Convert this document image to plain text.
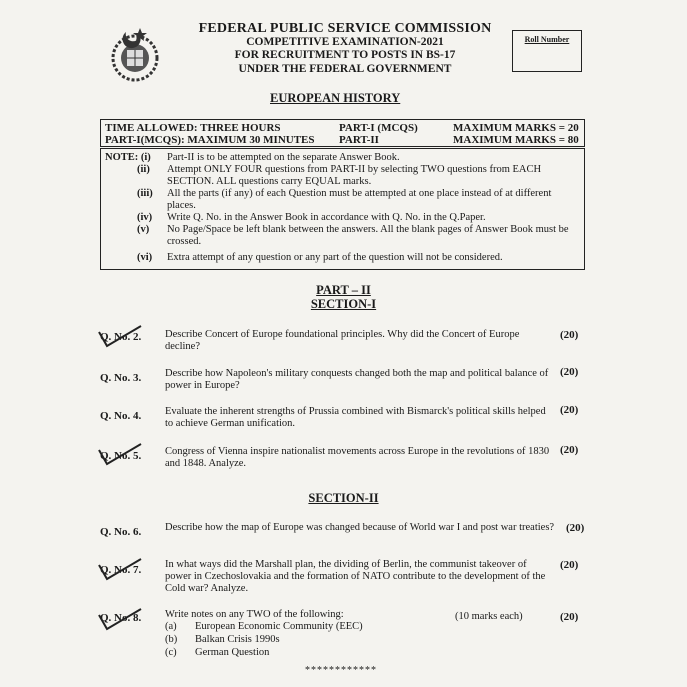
FEDERAL PUBLIC SERVICE COMMISSION
COMPETITIVE EXAMINATION-2021
FOR RECRUITMENT TO POSTS IN BS-17
UNDER THE FEDERAL GOVERNMENT
Roll Number
EUROPEAN HISTORY
TIME ALLOWED: THREE HOURS
PART-I(MCQS): MAXIMUM 30 MINUTES
PART-I (MCQS)
PART-II
MAXIMUM MARKS = 20
MAXIMUM MARKS = 80
NOTE: (i) Part-II is to be attempted on the separate Answer Book.
(ii) Attempt ONLY FOUR questions from PART-II by selecting TWO questions from EACH SECTION. ALL questions carry EQUAL marks.
(iii) All the parts (if any) of each Question must be attempted at one place instead of at different places.
(iv) Write Q. No. in the Answer Book in accordance with Q. No. in the Q.Paper.
(v) No Page/Space be left blank between the answers. All the blank pages of Answer Book must be crossed.
(vi) Extra attempt of any question or any part of the question will not be considered.
PART – II
SECTION-I
Q. No. 2. Describe Concert of Europe foundational principles. Why did the Concert of Europe decline?
(20)
Q. No. 3. Describe how Napoleon's military conquests changed both the map and political balance of power in Europe?
(20)
Q. No. 4. Evaluate the inherent strengths of Prussia combined with Bismarck's political skills helped to achieve German unification.
(20)
Q. No. 5. Congress of Vienna inspire nationalist movements across Europe in the revolutions of 1830 and 1848. Analyze.
(20)
SECTION-II
Q. No. 6. Describe how the map of Europe was changed because of World war I and post war treaties? (20)
Q. No. 7. In what ways did the Marshall plan, the dividing of Berlin, the communist takeover of power in Czechoslovakia and the formation of NATO contribute to the development of the Cold war? Analyze.
(20)
Q. No. 8. Write notes on any TWO of the following:	(10 marks each)	(20)
(a) European Economic Community (EEC)
(b) Balkan Crisis 1990s
(c) German Question
************
